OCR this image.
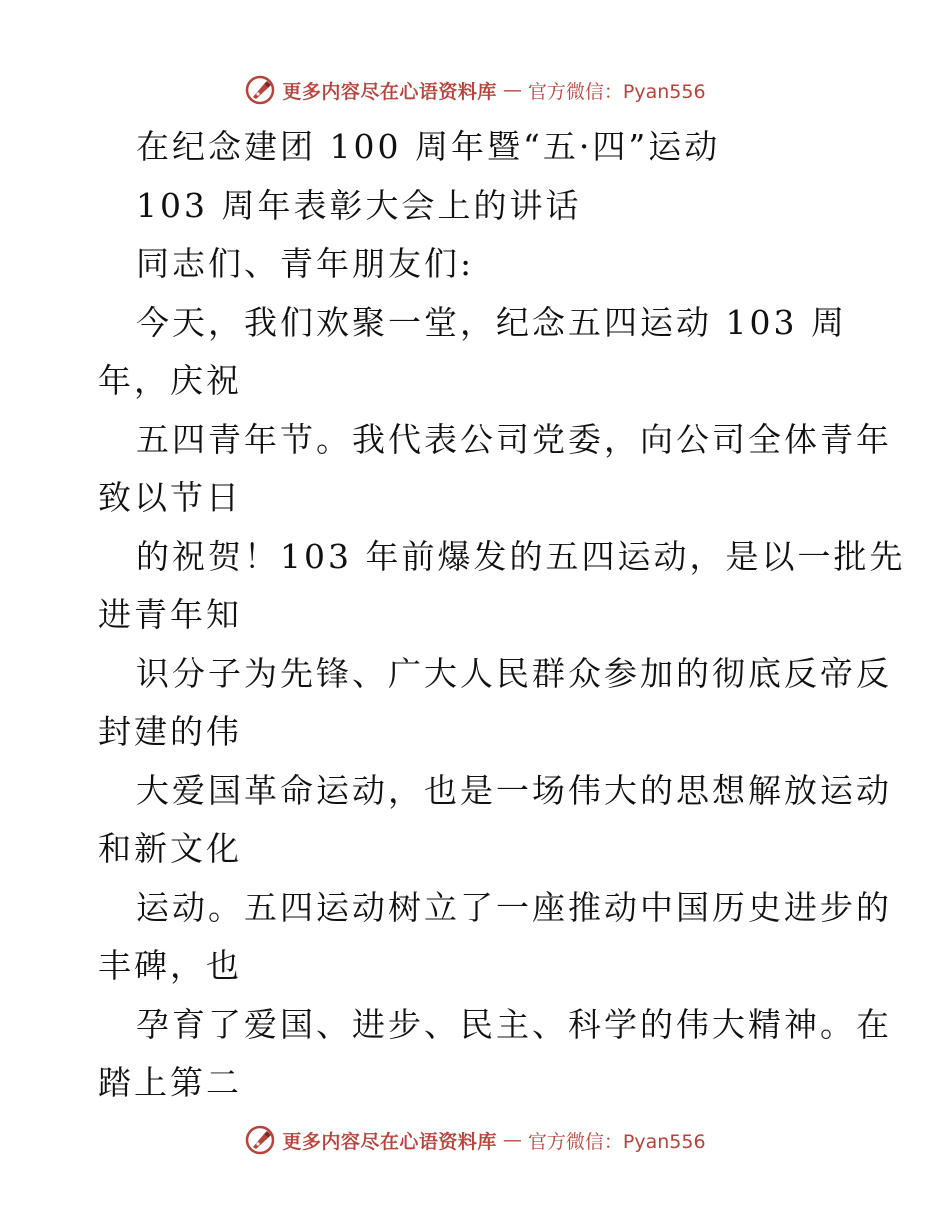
更多内容尽在心语资料库 — 官方微信：Pyan556
在纪念建团 100 周年暨“五·四”运动
103 周年表彰大会上的讲话
同志们、青年朋友们:
今天，我们欢聚一堂，纪念五四运动 103 周
年，庆祝
五四青年节。我代表公司党委，向公司全体青年
致以节日
的祝贺！103 年前爆发的五四运动，是以一批先
进青年知
识分子为先锋、广大人民群众参加的彻底反帝反
封建的伟
大爱国革命运动，也是一场伟大的思想解放运动
和新文化
运动。五四运动树立了一座推动中国历史进步的
丰碑，也
孕育了爱国、进步、民主、科学的伟大精神。在
踏上第二
更多内容尽在心语资料库 — 官方微信：Pyan556
